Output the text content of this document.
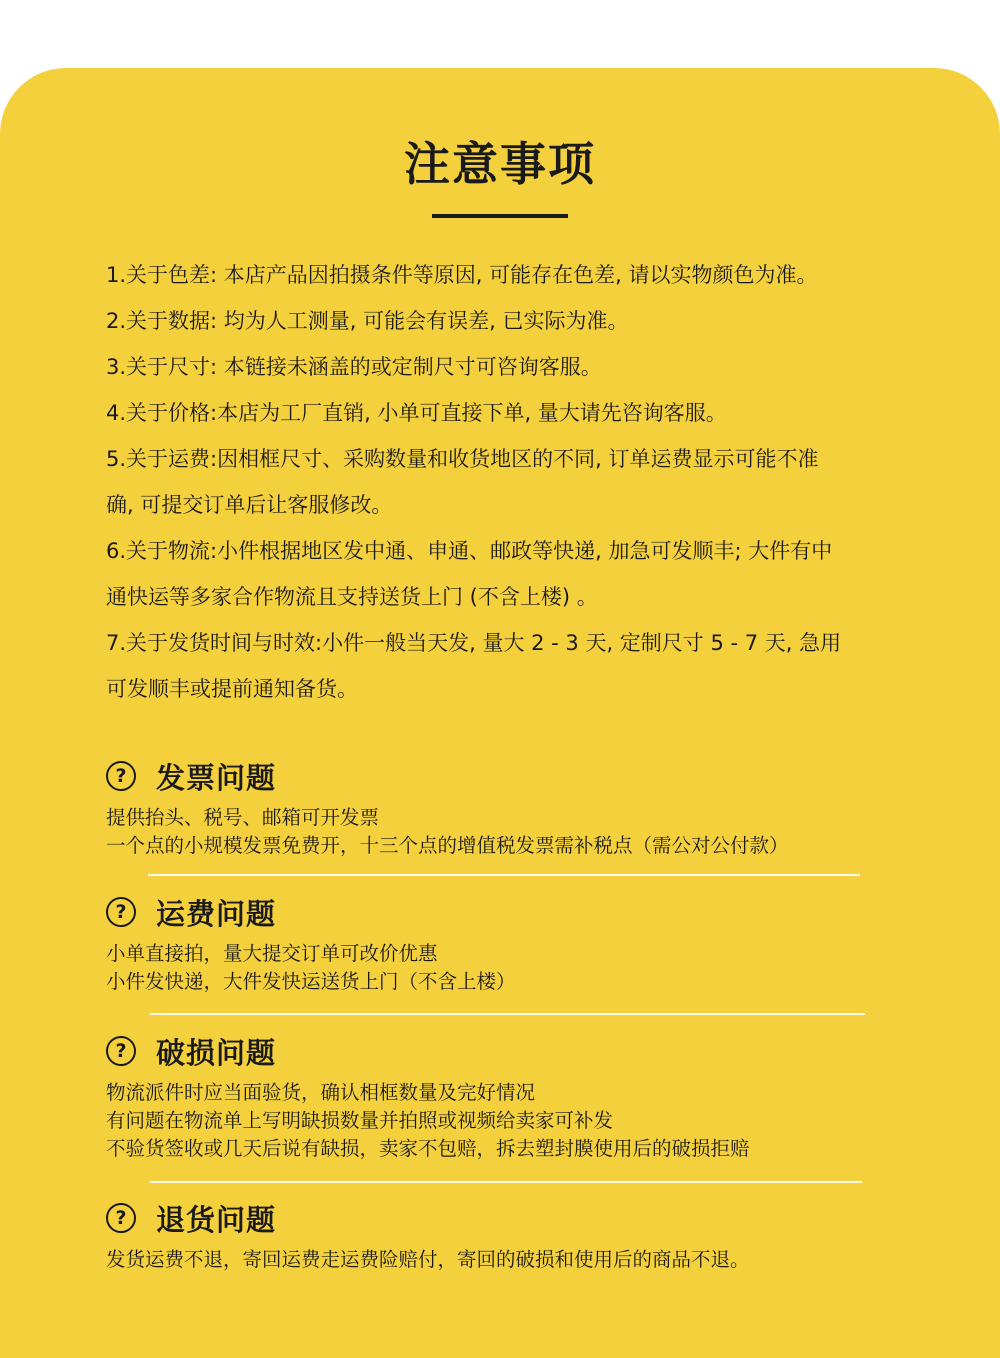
注意事项
1.关于色差: 本店产品因拍摄条件等原因, 可能存在色差, 请以实物颜色为准。
2.关于数据: 均为人工测量, 可能会有误差, 已实际为准。
3.关于尺寸: 本链接未涵盖的或定制尺寸可咨询客服。
4.关于价格:本店为工厂直销, 小单可直接下单, 量大请先咨询客服。
5.关于运费:因相框尺寸、采购数量和收货地区的不同, 订单运费显示可能不准
确, 可提交订单后让客服修改。
6.关于物流:小件根据地区发中通、申通、邮政等快递, 加急可发顺丰; 大件有中
通快运等多家合作物流且支持送货上门 (不含上楼) 。
7.关于发货时间与时效:小件一般当天发, 量大 2 - 3 天, 定制尺寸 5 - 7 天, 急用
可发顺丰或提前通知备货。
?	发票问题
提供抬头、税号、邮箱可开发票
一个点的小规模发票免费开，十三个点的增值税发票需补税点（需公对公付款）
?	运费问题
小单直接拍，量大提交订单可改价优惠
小件发快递，大件发快运送货上门（不含上楼）
?	破损问题
物流派件时应当面验货，确认相框数量及完好情况
有问题在物流单上写明缺损数量并拍照或视频给卖家可补发
不验货签收或几天后说有缺损，卖家不包赔，拆去塑封膜使用后的破损拒赔
?	退货问题
发货运费不退，寄回运费走运费险赔付，寄回的破损和使用后的商品不退。
